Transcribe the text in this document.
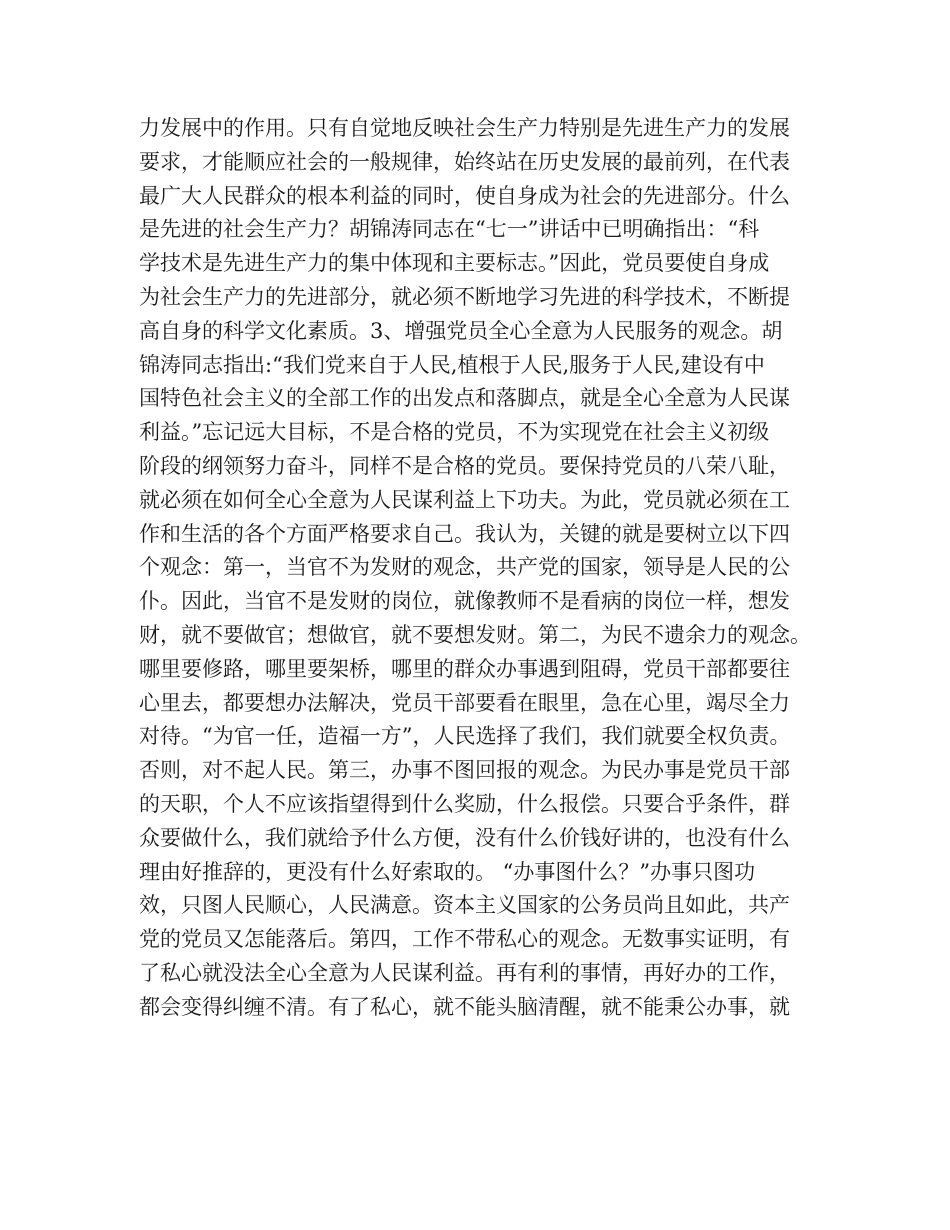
力发展中的作用。只有自觉地反映社会生产力特别是先进生产力的发展
要求，才能顺应社会的一般规律，始终站在历史发展的最前列，在代表
最广大人民群众的根本利益的同时，使自身成为社会的先进部分。什么
是先进的社会生产力？胡锦涛同志在“七一”讲话中已明确指出：“科
学技术是先进生产力的集中体现和主要标志。”因此，党员要使自身成
为社会生产力的先进部分，就必须不断地学习先进的科学技术，不断提
高自身的科学文化素质。3、增强党员全心全意为人民服务的观念。胡
锦涛同志指出:“我们党来自于人民,植根于人民,服务于人民,建设有中
国特色社会主义的全部工作的出发点和落脚点，就是全心全意为人民谋
利益。”忘记远大目标，不是合格的党员，不为实现党在社会主义初级
阶段的纲领努力奋斗，同样不是合格的党员。要保持党员的八荣八耻，
就必须在如何全心全意为人民谋利益上下功夫。为此，党员就必须在工
作和生活的各个方面严格要求自己。我认为，关键的就是要树立以下四
个观念：第一，当官不为发财的观念，共产党的国家，领导是人民的公
仆。因此，当官不是发财的岗位，就像教师不是看病的岗位一样，想发
财，就不要做官；想做官，就不要想发财。第二，为民不遗余力的观念。
哪里要修路，哪里要架桥，哪里的群众办事遇到阻碍，党员干部都要往
心里去，都要想办法解决，党员干部要看在眼里，急在心里，竭尽全力
对待。“为官一任，造福一方”，人民选择了我们，我们就要全权负责。
否则，对不起人民。第三，办事不图回报的观念。为民办事是党员干部
的天职，个人不应该指望得到什么奖励，什么报偿。只要合乎条件，群
众要做什么，我们就给予什么方便，没有什么价钱好讲的，也没有什么
理由好推辞的，更没有什么好索取的。 “办事图什么？”办事只图功
效，只图人民顺心，人民满意。资本主义国家的公务员尚且如此，共产
党的党员又怎能落后。第四，工作不带私心的观念。无数事实证明，有
了私心就没法全心全意为人民谋利益。再有利的事情，再好办的工作，
都会变得纠缠不清。有了私心，就不能头脑清醒，就不能秉公办事，就
